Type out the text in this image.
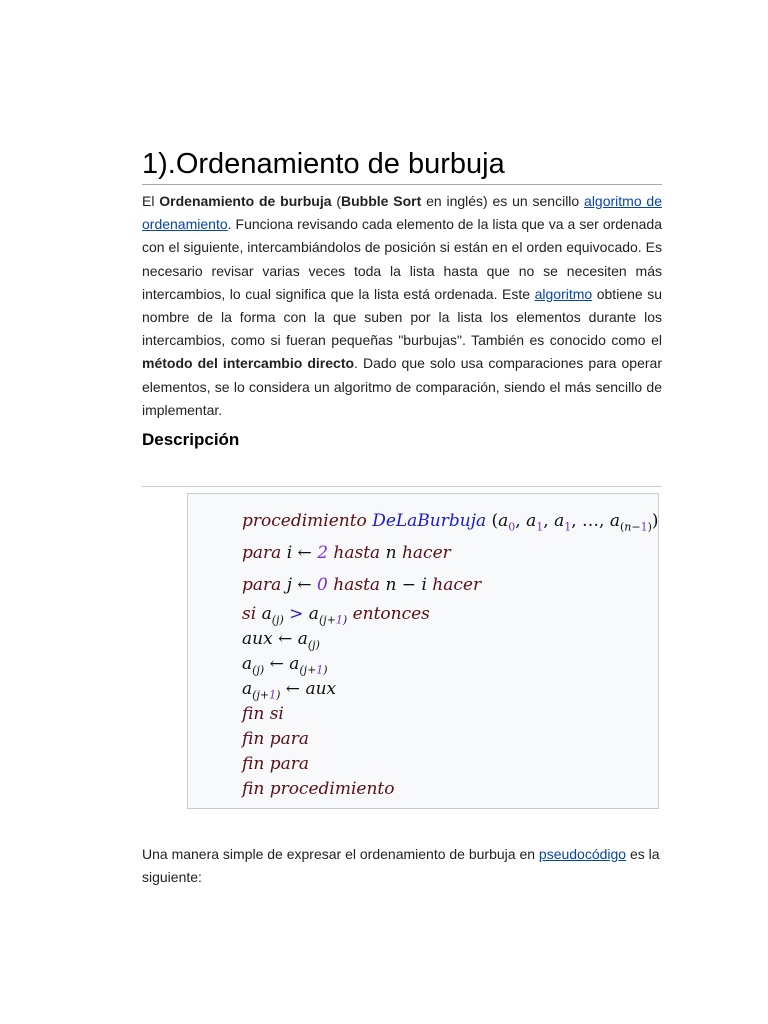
1).Ordenamiento de burbuja

El Ordenamiento de burbuja (Bubble Sort en inglés) es un sencillo algoritmo de ordenamiento. Funciona revisando cada elemento de la lista que va a ser ordenada con el siguiente, intercambiándolos de posición si están en el orden equivocado. Es necesario revisar varias veces toda la lista hasta que no se necesiten más intercambios, lo cual significa que la lista está ordenada. Este algoritmo obtiene su nombre de la forma con la que suben por la lista los elementos durante los intercambios, como si fueran pequeñas "burbujas". También es conocido como el método del intercambio directo. Dado que solo usa comparaciones para operar elementos, se lo considera un algoritmo de comparación, siendo el más sencillo de implementar.

Descripción
procedimiento DeLaBurbuja ($a_0$, $a_1$, $a_1$, …, $a_{(n-1)}$)
para i ← 2 hasta n hacer
para j ← 0 hasta n − i hacer
si $a_{(j)} > a_{(j+1)}$ entonces
aux ← $a_{(j)}$
$a_{(j)}$ ← $a_{(j+1)}$
$a_{(j+1)}$ ← aux
fin si
fin para
fin para
fin procedimiento

Una manera simple de expresar el ordenamiento de burbuja en pseudocódigo es la siguiente:
